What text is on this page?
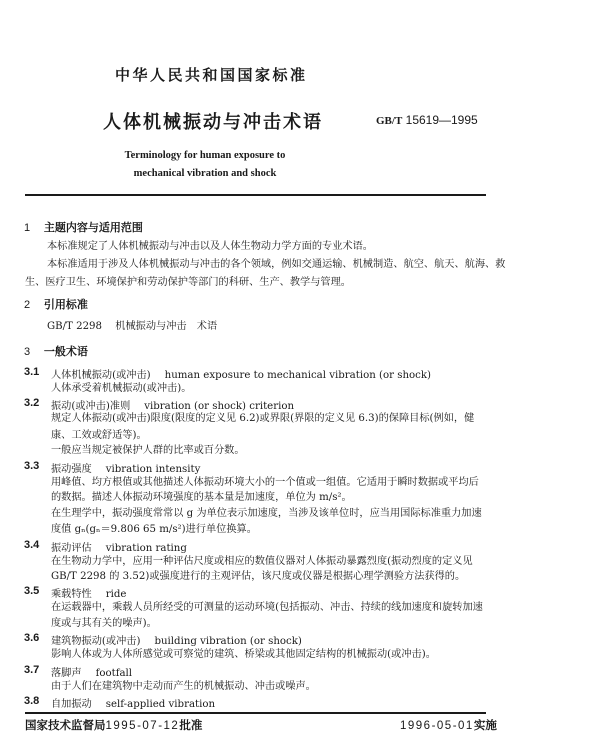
中华人民共和国国家标准
人体机械振动与冲击术语	GB/T 15619—1995
Terminology for human exposure to
mechanical vibration and shock
1 主题内容与适用范围
本标准规定了人体机械振动与冲击以及人体生物动力学方面的专业术语。
本标准适用于涉及人体机械振动与冲击的各个领域，例如交通运输、机械制造、航空、航天、航海、救
生、医疗卫生、环境保护和劳动保护等部门的科研、生产、教学与管理。
2 引用标准
GB/T 2298 机械振动与冲击　术语
3 一般术语
3.1 人体机械振动(或冲击) human exposure to mechanical vibration (or shock)
人体承受着机械振动(或冲击)。
3.2 振动(或冲击)准则 vibration (or shock) criterion
规定人体振动(或冲击)限度(限度的定义见 6.2)或界限(界限的定义见 6.3)的保障目标(例如，健
康、工效或舒适等)。
一般应当规定被保护人群的比率或百分数。
3.3 振动强度 vibration intensity
用峰值、均方根值或其他描述人体振动环境大小的一个值或一组值。它适用于瞬时数据或平均后
的数据。描述人体振动环境强度的基本量是加速度，单位为 m/s²。
在生理学中，振动强度常常以 g 为单位表示加速度，当涉及该单位时，应当用国际标准重力加速
度值 gₙ(gₙ＝9.806 65 m/s²)进行单位换算。
3.4 振动评估 vibration rating
在生物动力学中，应用一种评估尺度或相应的数值仪器对人体振动暴露烈度(振动烈度的定义见
GB/T 2298 的 3.52)或强度进行的主观评估，该尺度或仪器是根据心理学测验方法获得的。
3.5 乘载特性 ride
在运载器中，乘载人员所经受的可测量的运动环境(包括振动、冲击、持续的线加速度和旋转加速
度或与其有关的噪声)。
3.6 建筑物振动(或冲击) building vibration (or shock)
影响人体或为人体所感觉或可察觉的建筑、桥梁或其他固定结构的机械振动(或冲击)。
3.7 落脚声 footfall
由于人们在建筑物中走动而产生的机械振动、冲击或噪声。
3.8 自加振动 self-applied vibration
国家技术监督局1995-07-12批准	1996-05-01实施
